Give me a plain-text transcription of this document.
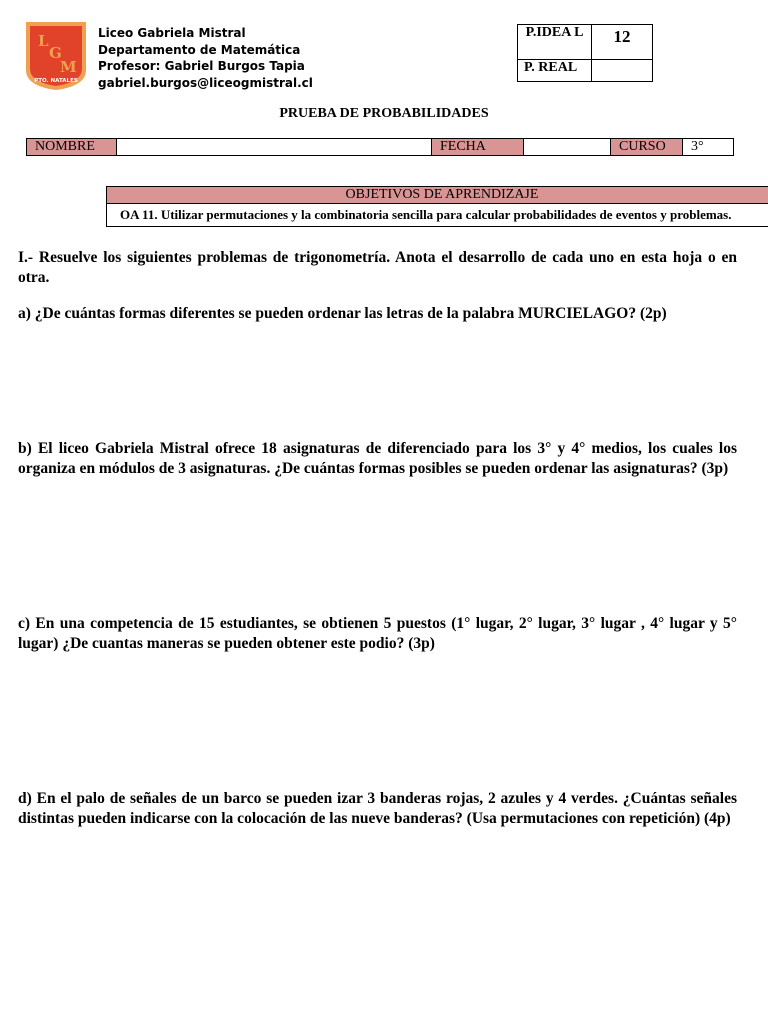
L
G
M
PTO. NATALES
Liceo Gabriela Mistral
Departamento de Matemática
Profesor: Gabriel Burgos Tapia
gabriel.burgos@liceogmistral.cl
P.IDEA L	12
P. REAL	
PRUEBA DE PROBABILIDADES
NOMBRE		FECHA		CURSO	3°
OBJETIVOS DE APRENDIZAJE
OA 11. Utilizar permutaciones y la combinatoria sencilla para calcular probabilidades de eventos y problemas.
I.- Resuelve los siguientes problemas de trigonometría. Anota el desarrollo de cada uno en esta hoja o en otra.
a) ¿De cuántas formas diferentes se pueden ordenar las letras de la palabra MURCIELAGO? (2p)
b) El liceo Gabriela Mistral ofrece 18 asignaturas de diferenciado para los 3° y 4° medios, los cuales los organiza en módulos de 3 asignaturas. ¿De cuántas formas posibles se pueden ordenar las asignaturas? (3p)
c) En una competencia de 15 estudiantes, se obtienen 5 puestos (1° lugar, 2° lugar, 3° lugar , 4° lugar y 5° lugar) ¿De cuantas maneras se pueden obtener este podio? (3p)
d) En el palo de señales de un barco se pueden izar 3 banderas rojas, 2 azules y 4 verdes. ¿Cuántas señales distintas pueden indicarse con la colocación de las nueve banderas? (Usa permutaciones con repetición) (4p)
